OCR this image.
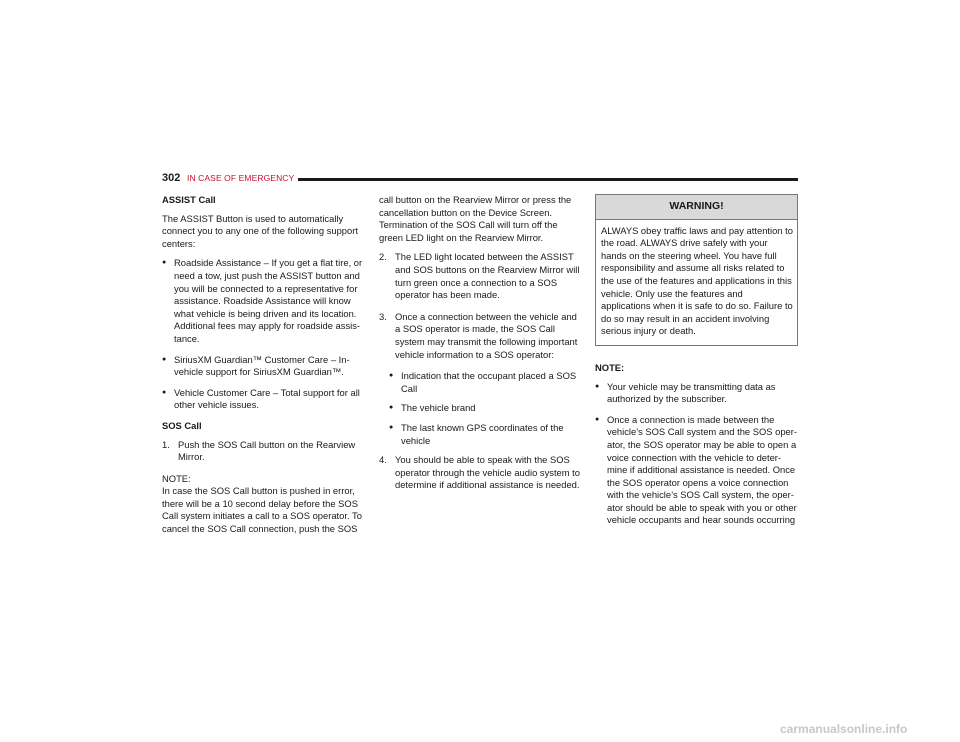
302 IN CASE OF EMERGENCY
ASSIST Call

The ASSIST Button is used to automatically connect you to any one of the following support centers:

● Roadside Assistance – If you get a flat tire, or need a tow, just push the ASSIST button and you will be connected to a representative for assistance. Roadside Assistance will know what vehicle is being driven and its location. Additional fees may apply for roadside assis-tance.
● SiriusXM Guardian™ Customer Care – In-vehicle support for SiriusXM Guardian™.
● Vehicle Customer Care – Total support for all other vehicle issues.
SOS Call
1. Push the SOS Call button on the Rearview Mirror.
NOTE:
In case the SOS Call button is pushed in error, there will be a 10 second delay before the SOS Call system initiates a call to a SOS operator. To cancel the SOS Call connection, push the SOS

call button on the Rearview Mirror or press the cancellation button on the Device Screen. Termination of the SOS Call will turn off the green LED light on the Rearview Mirror.

2. The LED light located between the ASSIST and SOS buttons on the Rearview Mirror will turn green once a connection to a SOS operator has been made.
3. Once a connection between the vehicle and a SOS operator is made, the SOS Call system may transmit the following important vehicle information to a SOS operator:
● Indication that the occupant placed a SOS Call
● The vehicle brand
● The last known GPS coordinates of the vehicle
4. You should be able to speak with the SOS operator through the vehicle audio system to determine if additional assistance is needed.
WARNING!
ALWAYS obey traffic laws and pay attention to the road. ALWAYS drive safely with your hands on the steering wheel. You have full responsibility and assume all risks related to the use of the features and applications in this vehicle. Only use the features and applications when it is safe to do so. Failure to do so may result in an accident involving serious injury or death.
NOTE:
● Your vehicle may be transmitting data as authorized by the subscriber.
● Once a connection is made between the vehicle’s SOS Call system and the SOS oper-ator, the SOS operator may be able to open a voice connection with the vehicle to deter-mine if additional assistance is needed. Once the SOS operator opens a voice connection with the vehicle’s SOS Call system, the oper-ator should be able to speak with you or other vehicle occupants and hear sounds occurring
carmanualsonline.info
